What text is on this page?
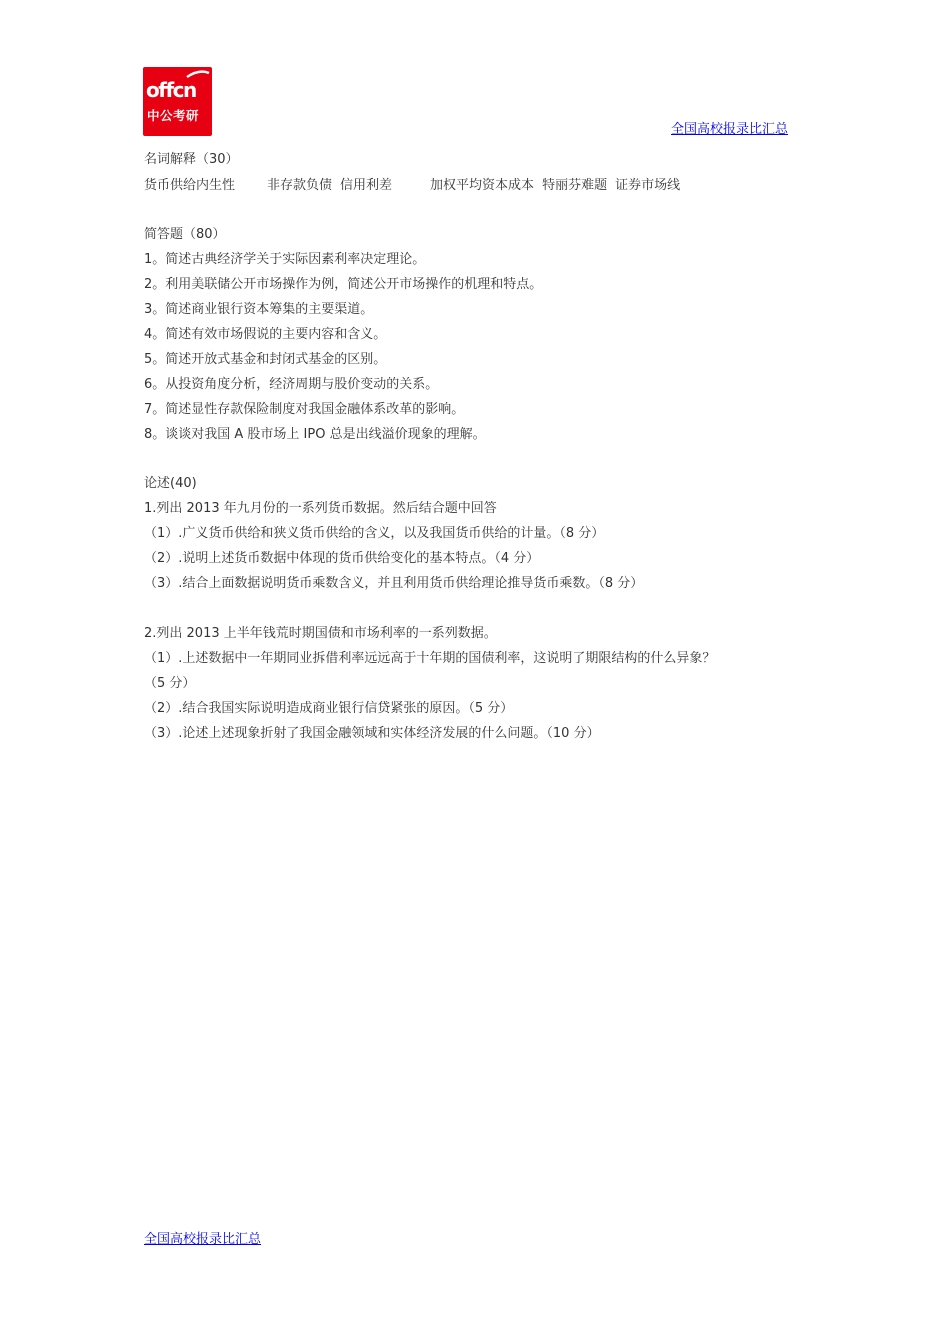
offcn
中公考研
全国高校报录比汇总
名词解释（30）
货币供给内生性 非存款负债 信用利差	加权平均资本成本 特丽芬难题 证券市场线
简答题（80）
1。简述古典经济学关于实际因素利率决定理论。
2。利用美联储公开市场操作为例，简述公开市场操作的机理和特点。
3。简述商业银行资本筹集的主要渠道。
4。简述有效市场假说的主要内容和含义。
5。简述开放式基金和封闭式基金的区别。
6。从投资角度分析，经济周期与股价变动的关系。
7。简述显性存款保险制度对我国金融体系改革的影响。
8。谈谈对我国 A 股市场上 IPO 总是出线溢价现象的理解。
论述(40)
1.列出 2013 年九月份的一系列货币数据。然后结合题中回答
（1）.广义货币供给和狭义货币供给的含义，以及我国货币供给的计量。（8 分）
（2）.说明上述货币数据中体现的货币供给变化的基本特点。（4 分）
（3）.结合上面数据说明货币乘数含义，并且利用货币供给理论推导货币乘数。（8 分）
2.列出 2013 上半年钱荒时期国债和市场利率的一系列数据。
（1）.上述数据中一年期同业拆借利率远远高于十年期的国债利率，这说明了期限结构的什么异象？
（5 分）
（2）.结合我国实际说明造成商业银行信贷紧张的原因。（5 分）
（3）.论述上述现象折射了我国金融领域和实体经济发展的什么问题。（10 分）
全国高校报录比汇总
